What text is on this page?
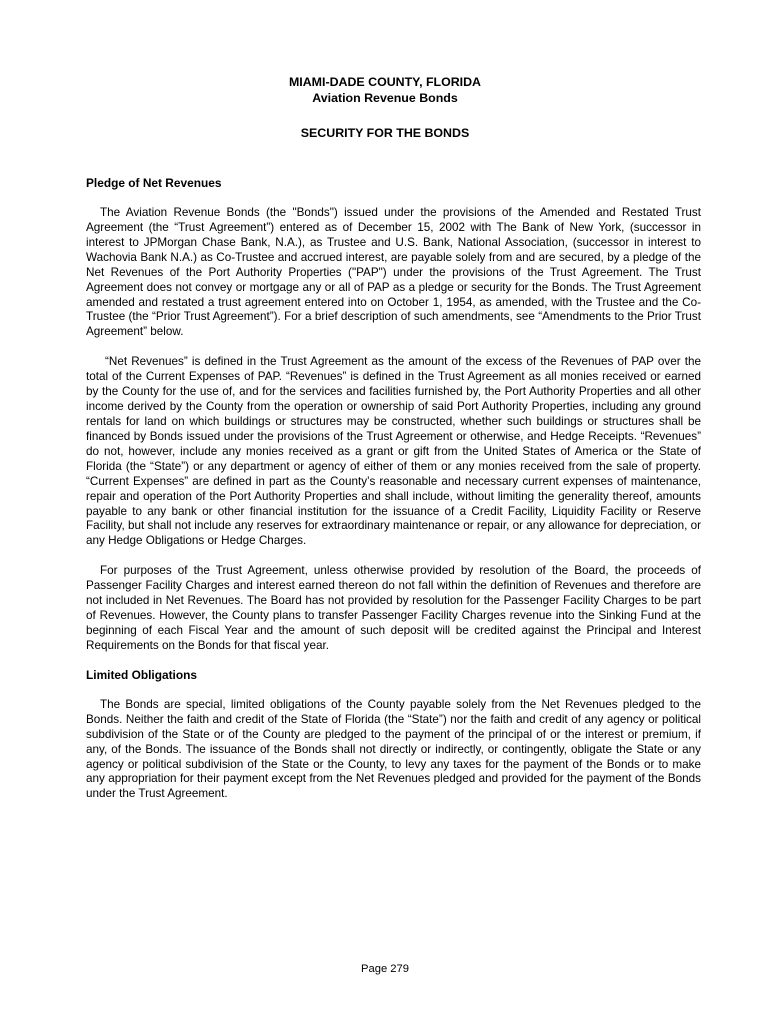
MIAMI-DADE COUNTY, FLORIDA
Aviation Revenue Bonds
SECURITY FOR THE BONDS
Pledge of Net Revenues

The Aviation Revenue Bonds (the "Bonds") issued under the provisions of the Amended and Restated Trust Agreement (the “Trust Agreement”) entered as of December 15, 2002 with The Bank of New York, (successor in interest to JPMorgan Chase Bank, N.A.), as Trustee and U.S. Bank, National Association, (successor in interest to Wachovia Bank N.A.) as Co-Trustee and accrued interest, are payable solely from and are secured, by a pledge of the Net Revenues of the Port Authority Properties ("PAP") under the provisions of the Trust Agreement. The Trust Agreement does not convey or mortgage any or all of PAP as a pledge or security for the Bonds. The Trust Agreement amended and restated a trust agreement entered into on October 1, 1954, as amended, with the Trustee and the Co-Trustee (the “Prior Trust Agreement”). For a brief description of such amendments, see “Amendments to the Prior Trust Agreement” below.

“Net Revenues” is defined in the Trust Agreement as the amount of the excess of the Revenues of PAP over the total of the Current Expenses of PAP. “Revenues” is defined in the Trust Agreement as all monies received or earned by the County for the use of, and for the services and facilities furnished by, the Port Authority Properties and all other income derived by the County from the operation or ownership of said Port Authority Properties, including any ground rentals for land on which buildings or structures may be constructed, whether such buildings or structures shall be financed by Bonds issued under the provisions of the Trust Agreement or otherwise, and Hedge Receipts. “Revenues” do not, however, include any monies received as a grant or gift from the United States of America or the State of Florida (the “State”) or any department or agency of either of them or any monies received from the sale of property. “Current Expenses” are defined in part as the County’s reasonable and necessary current expenses of maintenance, repair and operation of the Port Authority Properties and shall include, without limiting the generality thereof, amounts payable to any bank or other financial institution for the issuance of a Credit Facility, Liquidity Facility or Reserve Facility, but shall not include any reserves for extraordinary maintenance or repair, or any allowance for depreciation, or any Hedge Obligations or Hedge Charges.

For purposes of the Trust Agreement, unless otherwise provided by resolution of the Board, the proceeds of Passenger Facility Charges and interest earned thereon do not fall within the definition of Revenues and therefore are not included in Net Revenues. The Board has not provided by resolution for the Passenger Facility Charges to be part of Revenues. However, the County plans to transfer Passenger Facility Charges revenue into the Sinking Fund at the beginning of each Fiscal Year and the amount of such deposit will be credited against the Principal and Interest Requirements on the Bonds for that fiscal year.

Limited Obligations

The Bonds are special, limited obligations of the County payable solely from the Net Revenues pledged to the Bonds. Neither the faith and credit of the State of Florida (the “State”) nor the faith and credit of any agency or political subdivision of the State or of the County are pledged to the payment of the principal of or the interest or premium, if any, of the Bonds. The issuance of the Bonds shall not directly or indirectly, or contingently, obligate the State or any agency or political subdivision of the State or the County, to levy any taxes for the payment of the Bonds or to make any appropriation for their payment except from the Net Revenues pledged and provided for the payment of the Bonds under the Trust Agreement.

Page 279
